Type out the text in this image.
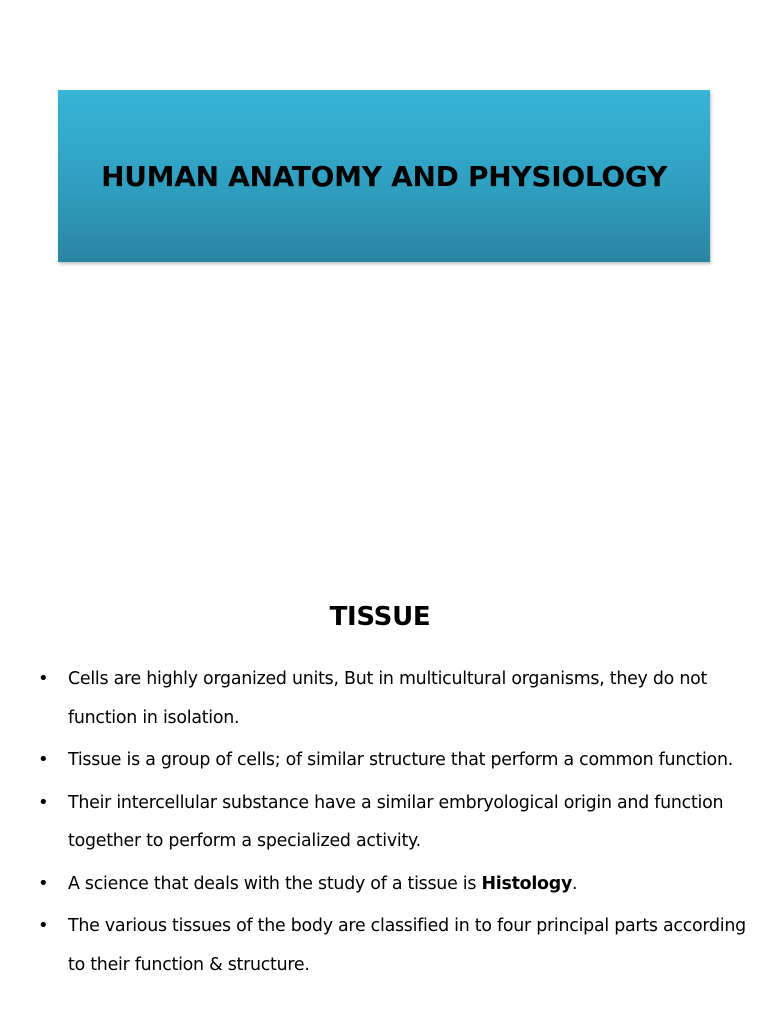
HUMAN ANATOMY AND PHYSIOLOGY
TISSUE
• Cells are highly organized units, But in multicultural organisms, they do not function in isolation.
• Tissue is a group of cells; of similar structure that perform a common function.
• Their intercellular substance have a similar embryological origin and function together to perform a specialized activity.
• A science that deals with the study of a tissue is Histology.
• The various tissues of the body are classified in to four principal parts according to their function & structure.
